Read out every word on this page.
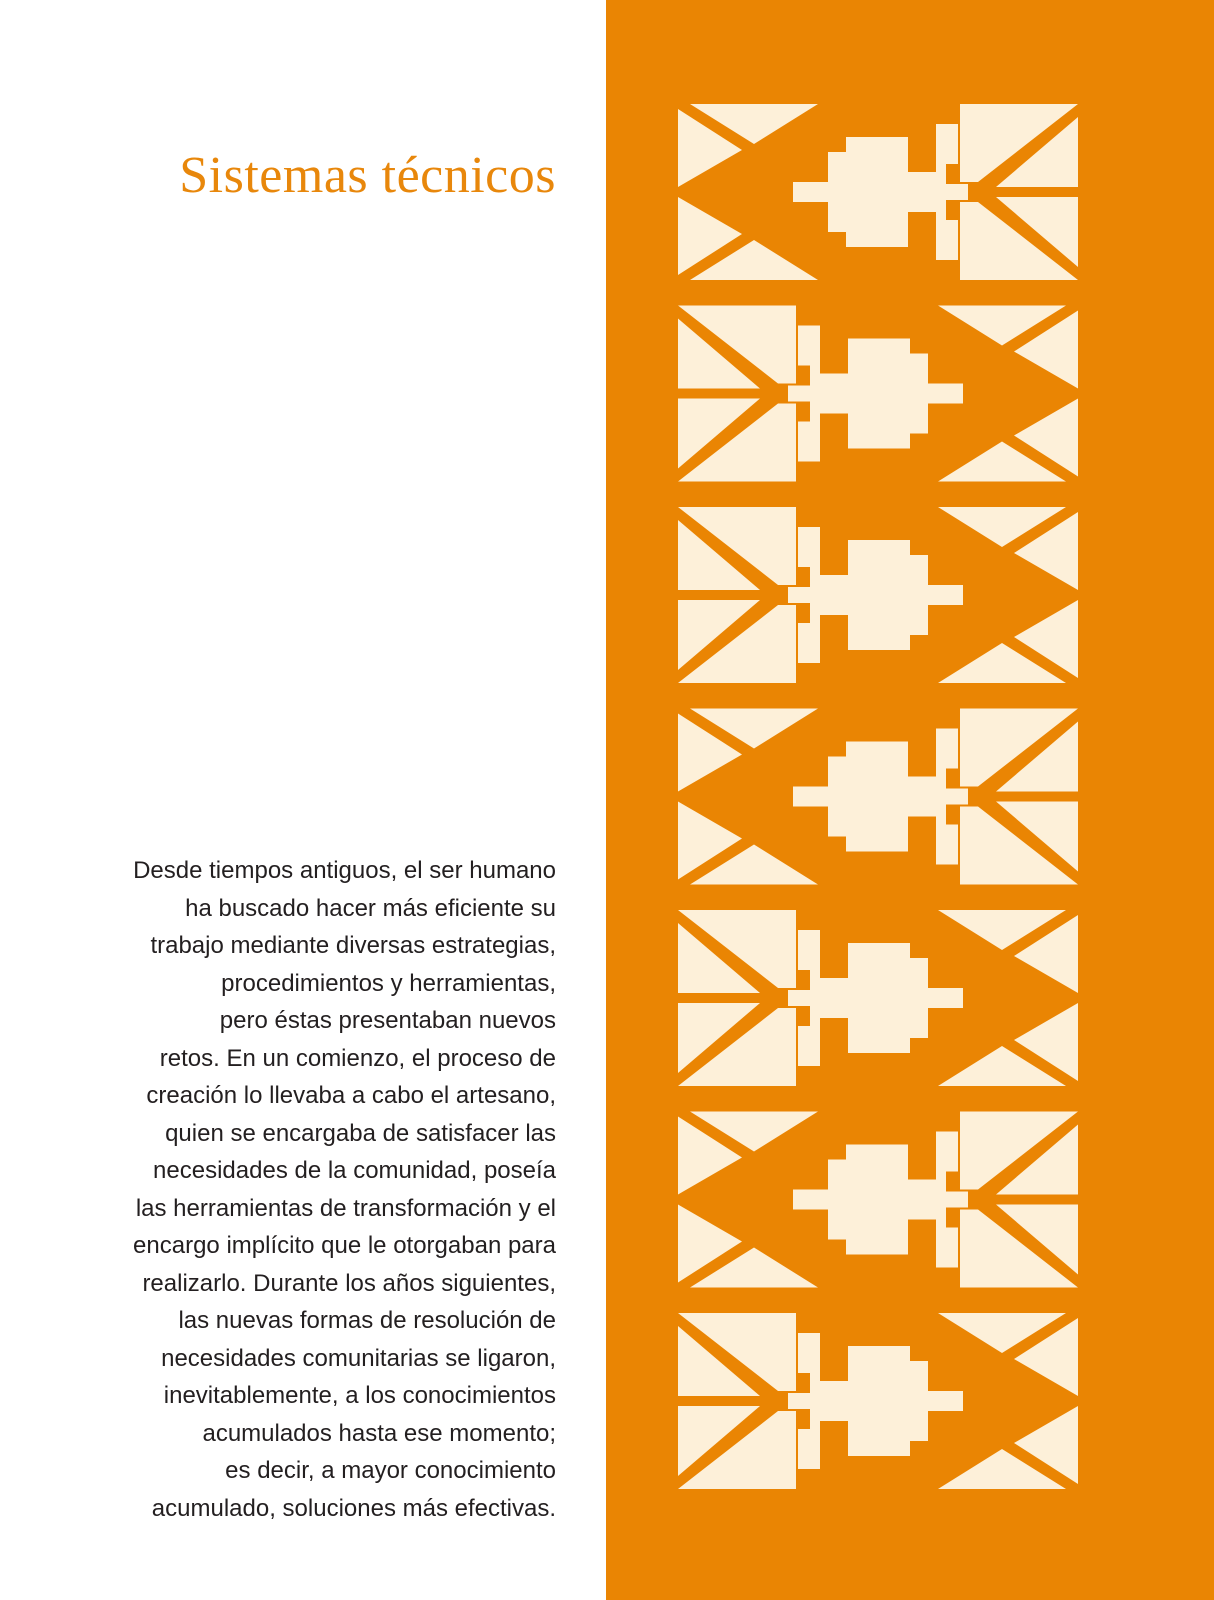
Sistemas técnicos
Desde tiempos antiguos, el ser humano
ha buscado hacer más eficiente su
trabajo mediante diversas estrategias,
procedimientos y herramientas,
pero éstas presentaban nuevos
retos. En un comienzo, el proceso de
creación lo llevaba a cabo el artesano,
quien se encargaba de satisfacer las
necesidades de la comunidad, poseía
las herramientas de transformación y el
encargo implícito que le otorgaban para
realizarlo. Durante los años siguientes,
las nuevas formas de resolución de
necesidades comunitarias se ligaron,
inevitablemente, a los conocimientos
acumulados hasta ese momento;
es decir, a mayor conocimiento
acumulado, soluciones más efectivas.
